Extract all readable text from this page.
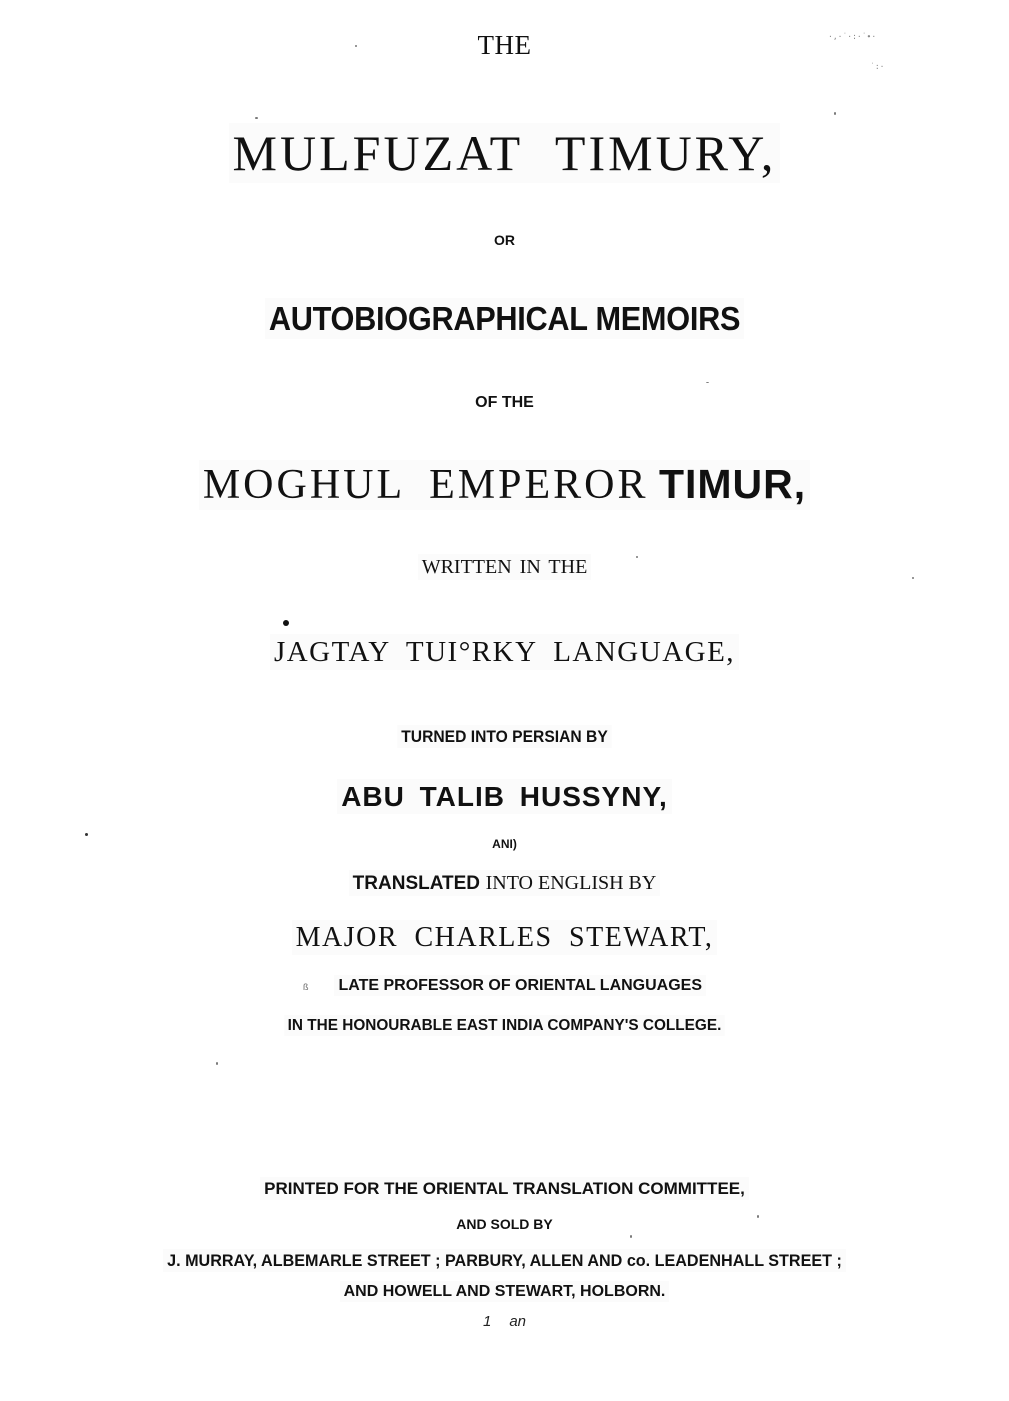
THE
MULFUZAT TIMURY,
OR
AUTOBIOGRAPHICAL MEMOIRS
OF THE
MOGHUL EMPEROR TIMUR,
WRITTEN IN THE
JAGTAY TUI°RKY LANGUAGE,
TURNED INTO PERSIAN BY
ABU TALIB HUSSYNY,
ANI)
TRANSLATED INTO ENGLISH BY
MAJOR CHARLES STEWART,
ß LATE PROFESSOR OF ORIENTAL LANGUAGES
IN THE HONOURABLE EAST INDIA COMPANY'S COLLEGE.
PRINTED FOR THE ORIENTAL TRANSLATION COMMITTEE,
AND SOLD BY
J. MURRAY, ALBEMARLE STREET ; PARBURY, ALLEN AND co. LEADENHALL STREET ;
AND HOWELL AND STEWART, HOLBORN.
1 an
·,·˙·:·˙∙·
˙:·
